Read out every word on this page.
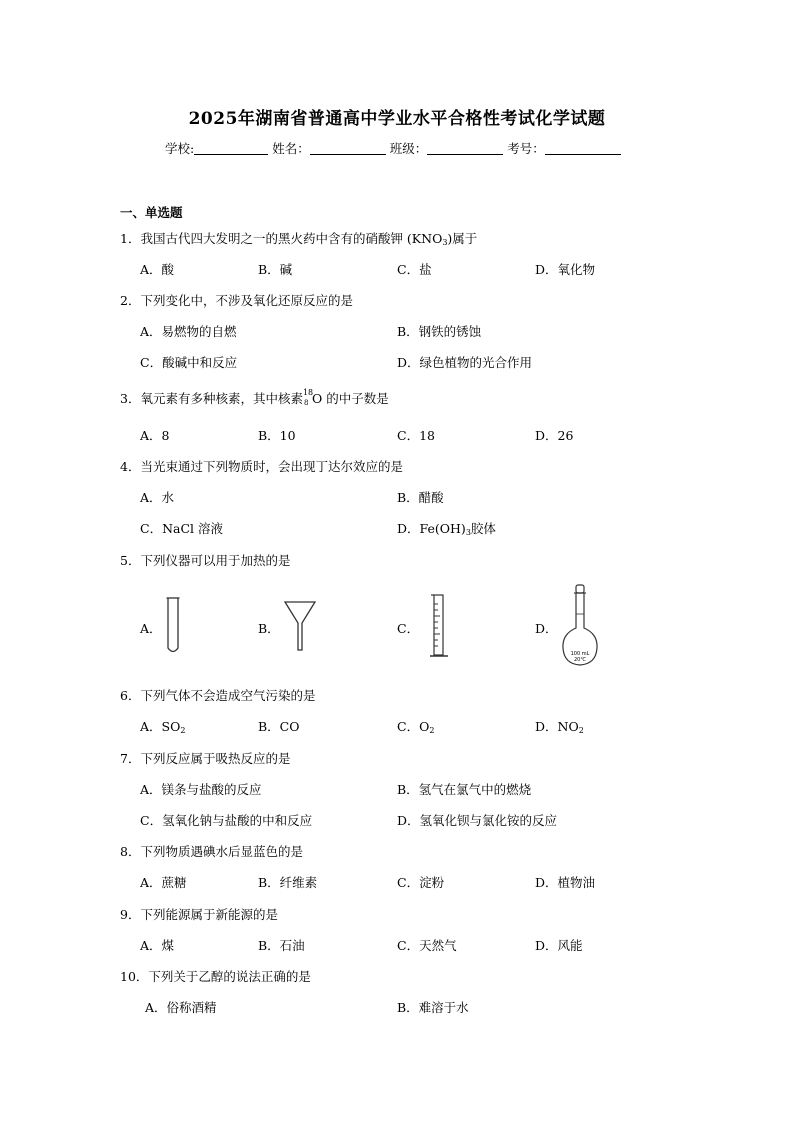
2025年湖南省普通高中学业水平合格性考试化学试题
学校:	姓名：	班级：	考号：
一、单选题
1．我国古代四大发明之一的黑火药中含有的硝酸钾 $(KNO_3)$属于
A．酸	B．碱	C．盐	D．氧化物
2．下列变化中，不涉及氧化还原反应的是
A．易燃物的自燃	B．钢铁的锈蚀
C．酸碱中和反应	D．绿色植物的光合作用
3．氧元素有多种核素，其中核素 18
8 O 的中子数是
A．8	B．10	C．18	D．26
4．当光束通过下列物质时，会出现丁达尔效应的是
A．水	B．醋酸
C．NaCl 溶液	D．$Fe(OH)_3$胶体
5．下列仪器可以用于加热的是
A．	B．	C．	D．
100 mL
20℃
6．下列气体不会造成空气污染的是
A．$SO_2$	B．CO	C．$O_2$	D．$NO_2$
7．下列反应属于吸热反应的是
A．镁条与盐酸的反应	B．氢气在氯气中的燃烧
C．氢氧化钠与盐酸的中和反应	D．氢氧化钡与氯化铵的反应
8．下列物质遇碘水后显蓝色的是
A．蔗糖	B．纤维素	C．淀粉	D．植物油
9．下列能源属于新能源的是
A．煤	B．石油	C．天然气	D．风能
10．下列关于乙醇的说法正确的是
A．俗称酒精	B．难溶于水
